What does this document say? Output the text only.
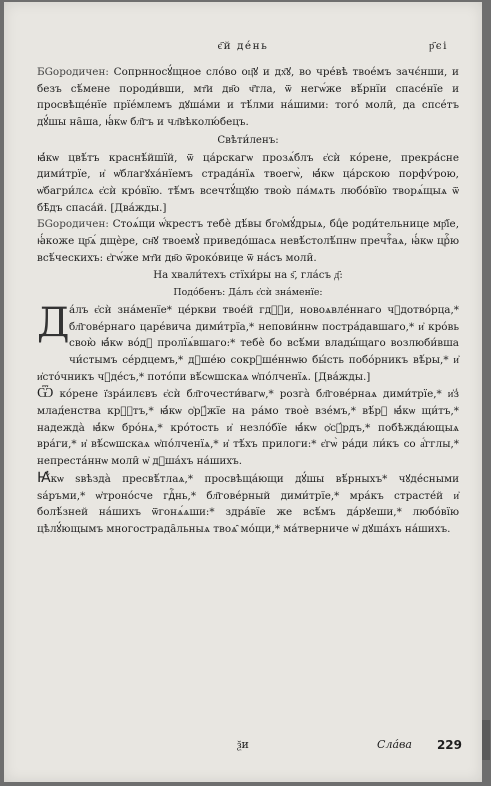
є҃й де́нь	р҃єі

БGородичен: Сопрнносꙋ́щное сло́во оц҃ꙋ и дх҃ꙋ, во чре́вѣ твое́мъ зачє́нши, и безъ сѣ́мене породи́вши, мт҃и дв҃о ч҃тла, ѿ негѡ́же вѣ́рнїи спасе́нїе и просвѣще́нїе прїе́млемъ дꙋша́ми и тѣ́лми на́шими: того́ моли̑, да спсе́тъ дꙋ́шы на̑ша, ꙗ҆́кѡ бл҃гъ и чл҃вѣколю́бецъ.

Свѣти́ленъ:

ꙗ҆́кѡ цвѣ́тъ краснѣ́йшїй, ѿ ца́рскагѡ прозѧ́блъ є҆сѝ ко́рене, прекра́сне дими́трїе, и҆ ѡ҆благꙋха́нїемъ страда́нїѧ твоегѡ̀, ꙗ҆́кѡ ца́рскою порфѵ́рою, ѡ҆багри́лсѧ є҆сѝ кро́вїю. тѣ́мъ всечтꙋ́щꙋю твою̀ па́мѧть любо́вїю творѧ́щыѧ ѿ бѣ̑дъ спаса́й. [Два́жды.]

БGородичен: Стоѧ́щи ѡ҆́крестъ тебѐ дѣ́вы бго҆мꙋ́дрыѧ, бцⷣе роди́тельнице мр҃їе, ꙗ҆́коже цр҃ѧ́ дщѐре, сн҃ꙋ твоемꙋ̀ приведо́шасѧ невѣ́столѣ́пнѡ пречтⷭ҇аѧ, ꙗ҆́кѡ црⷭ҇ю всѣ́ческихъ: є҆гѡ́же мт҃и дв҃о ѿроко́вице ѿ на́съ моли̑.

На хвали́техъ стїхи́ры на ѕ҃, гла́съ д҃:

Подо́бенъ: Да́лъ є҆сѝ зна́менїе:

Да́лъ є҆сѝ зна́менїе* це́ркви твое́й гдⷭ҇и, новоѧвле́ннаго чꙋдотво́рца,* бл҃гове́рнаго царе́вича дими́трїа,* непови́ннѡ постра́давшаго,* и҆ кро́вь свою̀ ꙗ҆́кѡ во́дꙋ пролїѧ́вшаго:* тебѐ бо всѣ́ми влады́щаго возлюби́вша чи́стымъ се́рдцемъ,* дꙋше́ю сокрꙋше́ннѡю бы́сть побо́рникъ вѣ́ры,* и҆ и҆сто́чникъ чꙋде́съ,* пото́пи вѣ́сѡшскаѧ ѡ҆по́лченїѧ. [Два́жды.]

Ѿ ко́рене ї҆зра́илєвъ є҆сѝ бл҃гочести́вагѡ,* розга̀ бл҃гове́рнаѧ дими́трїе,* и҆з̾ млад́енства крⷭ҇тъ,* ꙗ҆́кѡ ѻ҆рꙋ́жїе на ра́мо твоѐ взе́мъ,* вѣ́рꙋ ꙗ҆́кѡ щи́тъ,* надежда̀ ꙗ҆́кѡ бро́нѧ,* кро́тость и҆ незло́бїе ꙗ҆́кѡ ѻ҆сꙋ́рдъ,* побѣжда́ющыѧ вра́ги,* и҆ вѣ́сѡшскаѧ ѡ҆по́лченїѧ,* и҆ тѣ́хъ прилоги:* є҆гѡ̀ ра́ди ли́къ со а҆́гглы,* непреста́ннѡ моли̑ ѡ҆ дꙋша́хъ на́шихъ.

Ꙗ҆́кѡ ѕвѣзда̀ пресвѣ́тлаѧ,* просвѣща́ющи дꙋ́шы вѣ́рныхъ* чꙋде́сными ѕа́ръми,* ѡ҆троно́сче гдⷭ҇нь,* бл҃гове́рный дими́трїе,* мра́къ страсте́й и҆ болѣ́зней на́шихъ ѿгонѧ́ѧши:* здра́вїе же всѣ́мъ да́рꙋеши,* любо́вїю цѣлꙋ́ющымъ многострада̑льныѧ твоѧ̑ мо́щи,* ма́тверниче ѡ҆ дꙋша́хъ на́шихъ.

ѯи	Сла́ва 229
